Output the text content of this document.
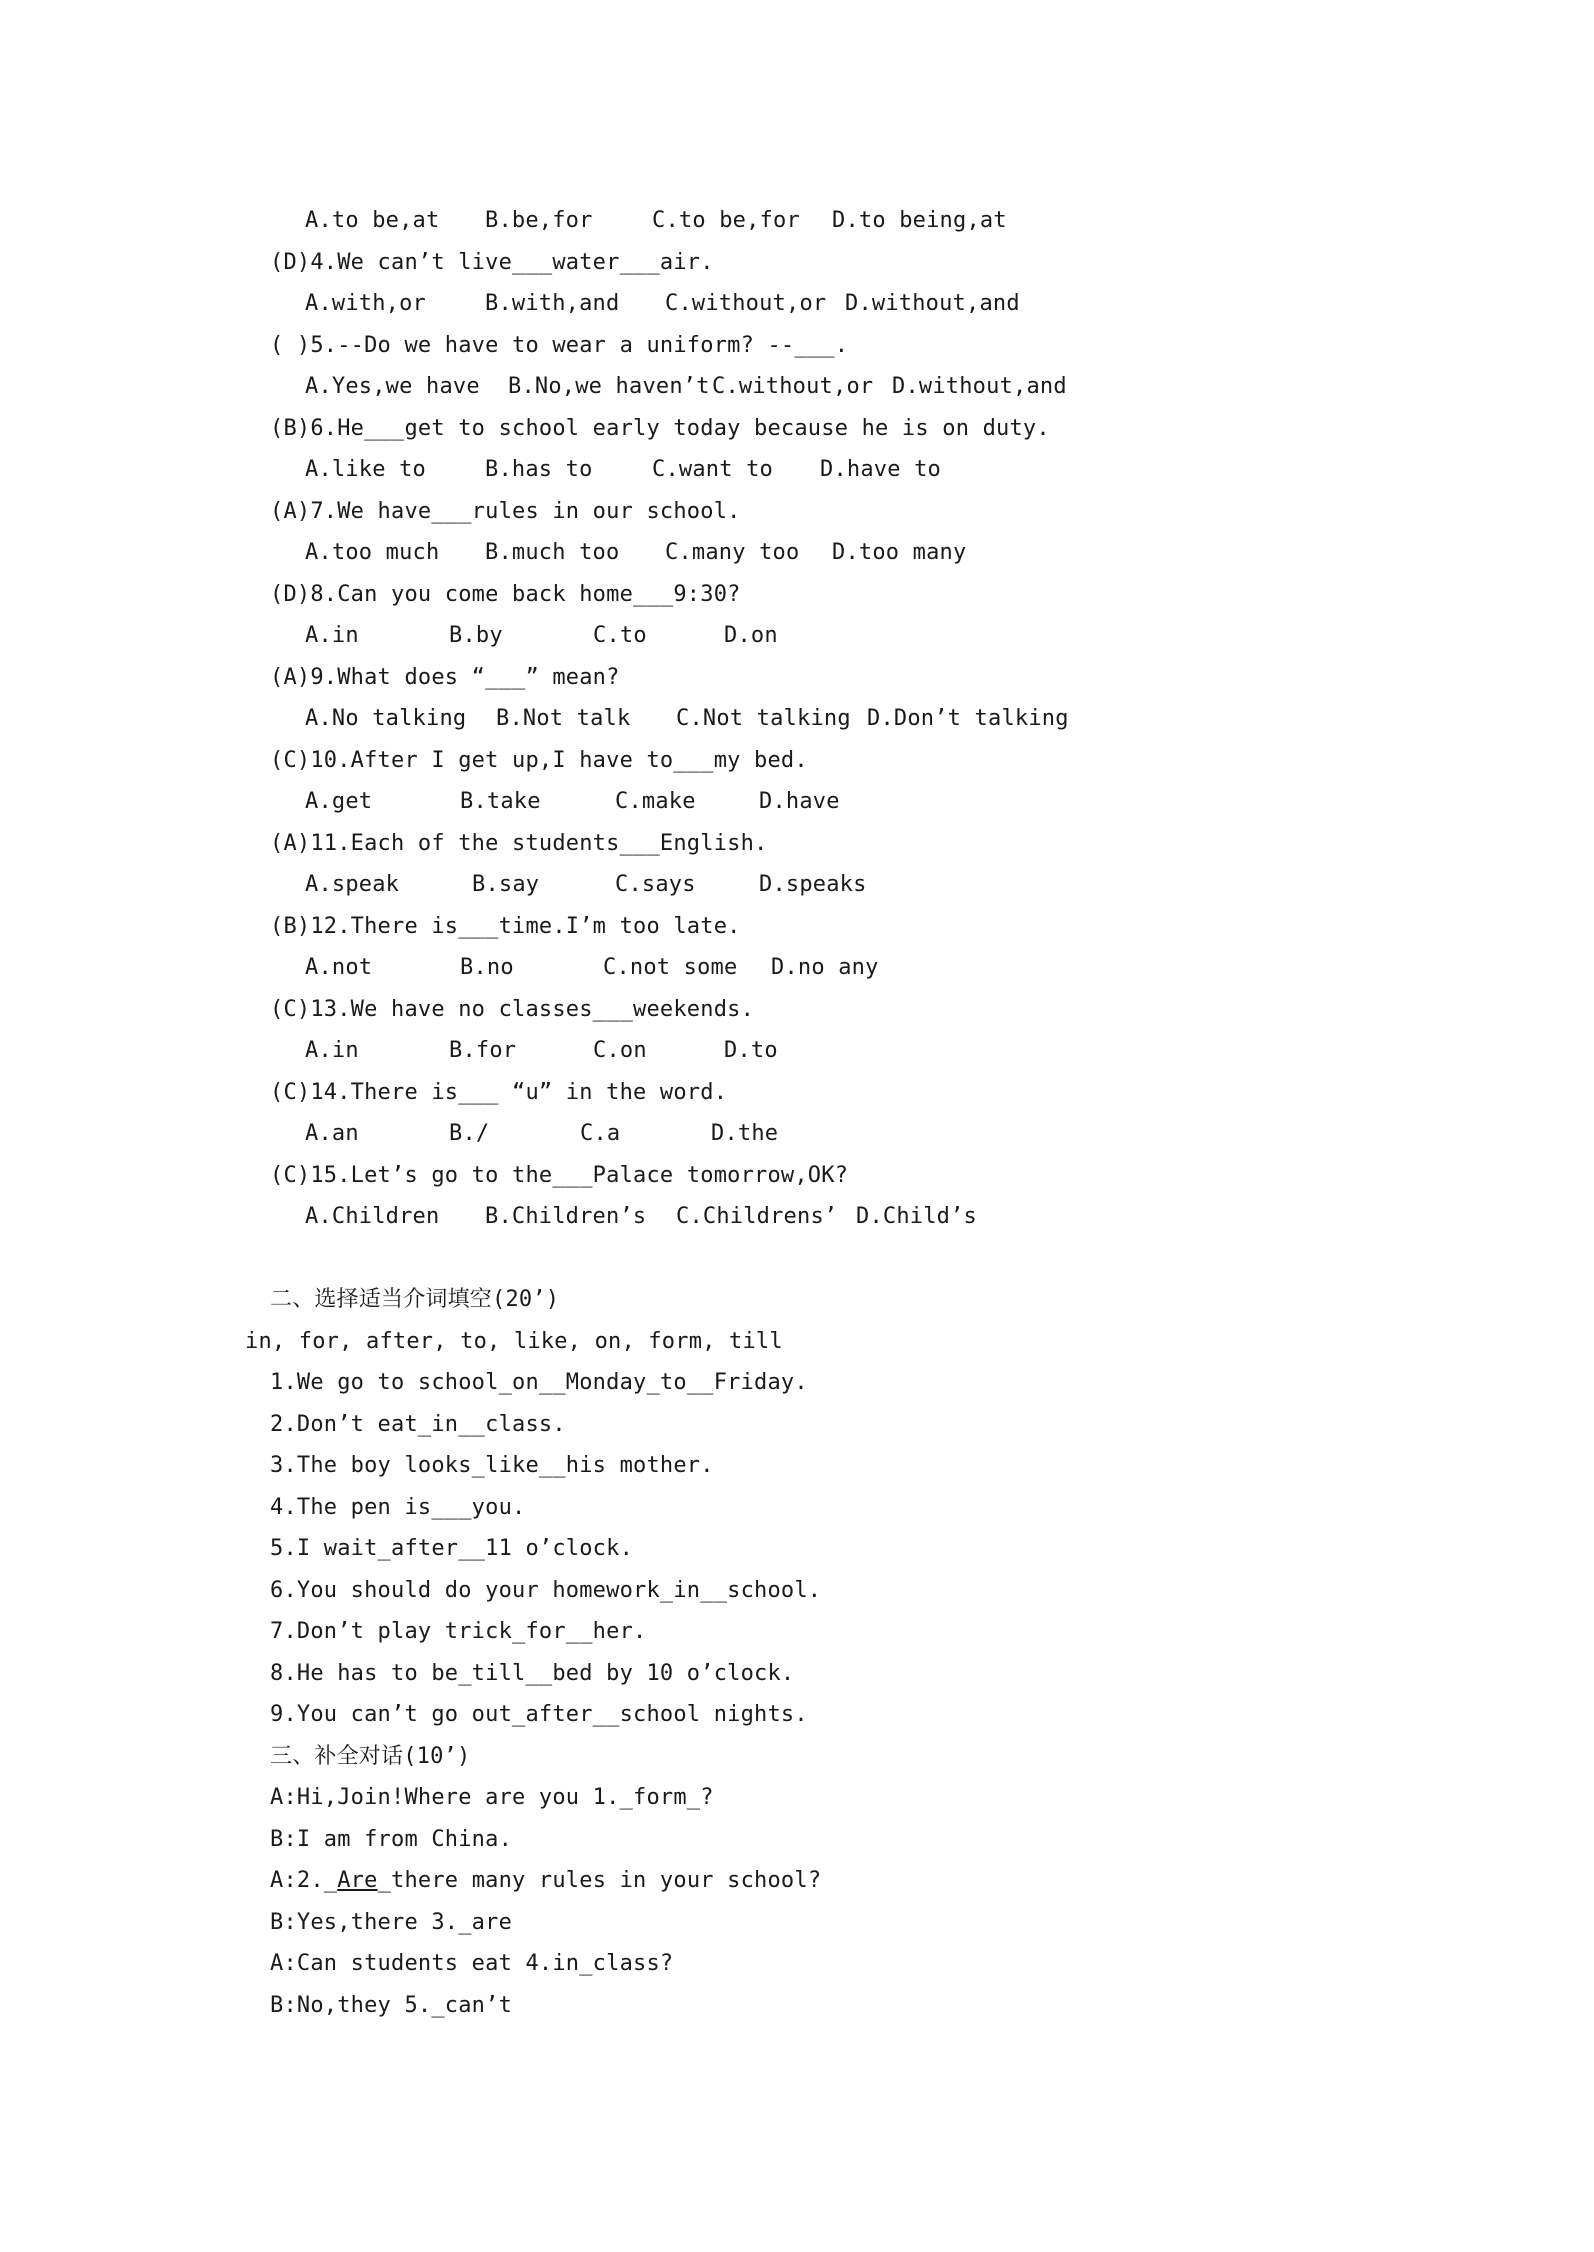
A.to be,at	B.be,for	C.to be,for	D.to being,at
(D)4.We can’t live___water___air.
A.with,or	B.with,and	C.without,or D.without,and
( )5.--Do we have to wear a uniform? --___.
A.Yes,we have	B.No,we haven’t C.without,or D.without,and
(B)6.He___get to school early today because he is on duty.
A.like to	B.has to	C.want to	D.have to
(A)7.We have___rules in our school.
A.too much	B.much too	C.many too	D.too many
(D)8.Can you come back home___9:30?
A.in	B.by	C.to	D.on
(A)9.What does “___” mean?
A.No talking	B.Not talk	C.Not talking D.Don’t talking
(C)10.After I get up,I have to___my bed.
A.get	B.take	C.make	D.have
(A)11.Each of the students___English.
A.speak	B.say	C.says	D.speaks
(B)12.There is___time.I’m too late.
A.not	B.no	C.not some	D.no any
(C)13.We have no classes___weekends.
A.in	B.for	C.on	D.to
(C)14.There is___ “u” in the word.
A.an	B./	C.a	D.the
(C)15.Let’s go to the___Palace tomorrow,OK?
A.Children	B.Children’s	C.Childrens’ D.Child’s
二、选择适当介词填空(20’)
in, for, after, to, like, on, form, till
1.We go to school_on__Monday_to__Friday.
2.Don’t eat_in__class.
3.The boy looks_like__his mother.
4.The pen is___you.
5.I wait_after__11 o’clock.
6.You should do your homework_in__school.
7.Don’t play trick_for__her.
8.He has to be_till__bed by 10 o’clock.
9.You can’t go out_after__school nights.
三、补全对话(10’)
A:Hi,Join!Where are you 1._form_?
B:I am from China.
A:2._Are_there many rules in your school?
B:Yes,there 3._are
A:Can students eat 4.in_class?
B:No,they 5._can’t
